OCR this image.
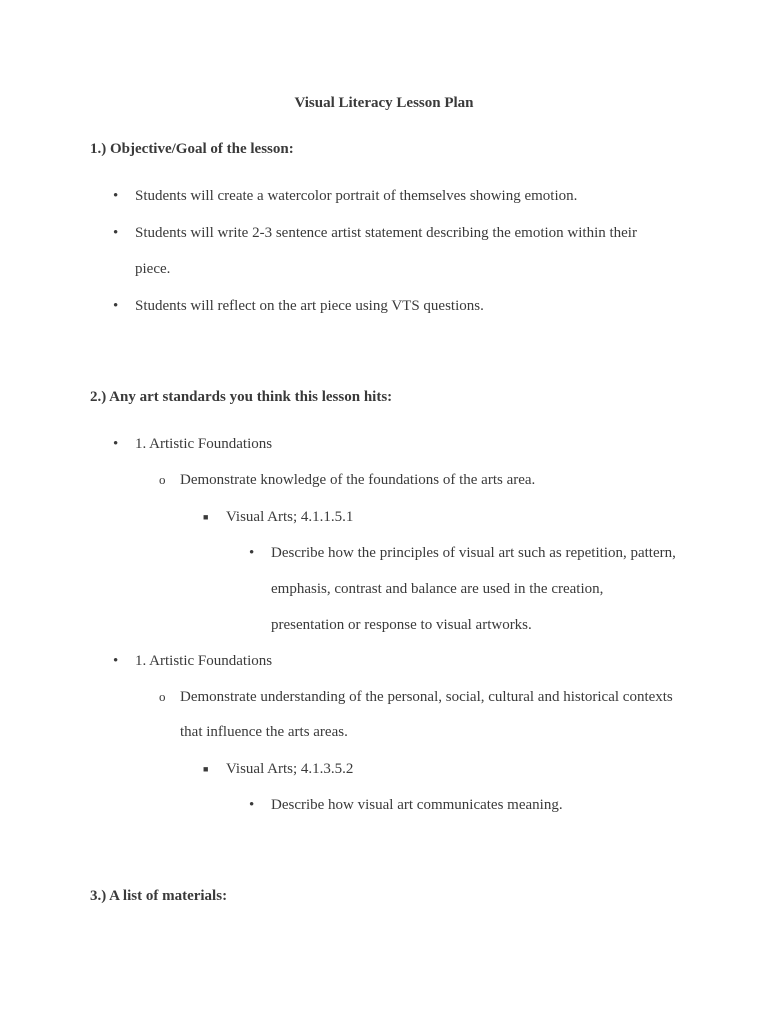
Visual Literacy Lesson Plan
1.) Objective/Goal of the lesson:
• Students will create a watercolor portrait of themselves showing emotion.
• Students will write 2-3 sentence artist statement describing the emotion within their
piece.
• Students will reflect on the art piece using VTS questions.
2.) Any art standards you think this lesson hits:
• 1. Artistic Foundations
o Demonstrate knowledge of the foundations of the arts area.
■ Visual Arts; 4.1.1.5.1
• Describe how the principles of visual art such as repetition, pattern,
emphasis, contrast and balance are used in the creation,
presentation or response to visual artworks.
• 1. Artistic Foundations
o Demonstrate understanding of the personal, social, cultural and historical contexts
that influence the arts areas.
■ Visual Arts; 4.1.3.5.2
• Describe how visual art communicates meaning.
3.) A list of materials:
